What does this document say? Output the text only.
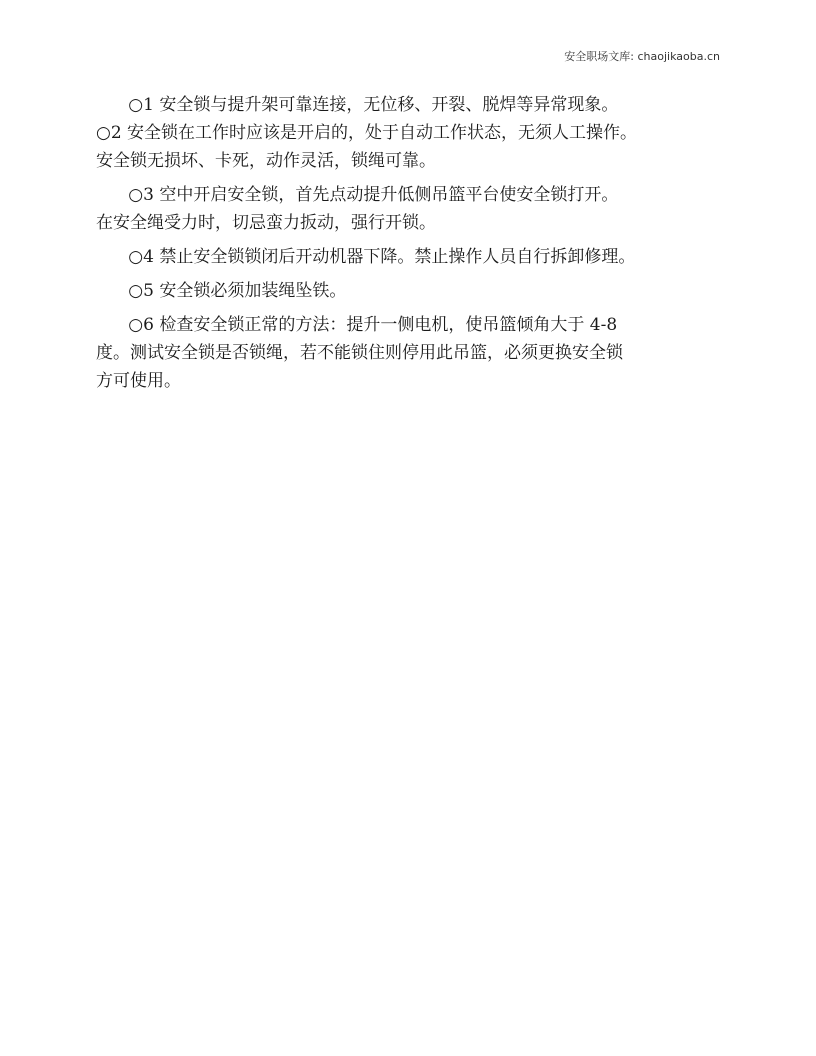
安全职场文库: chaojikaoba.cn
○1 安全锁与提升架可靠连接，无位移、开裂、脱焊等异常现象。
○2 安全锁在工作时应该是开启的，处于自动工作状态，无须人工操作。
安全锁无损坏、卡死，动作灵活，锁绳可靠。
○3 空中开启安全锁，首先点动提升低侧吊篮平台使安全锁打开。
在安全绳受力时，切忌蛮力扳动，强行开锁。
○4 禁止安全锁锁闭后开动机器下降。禁止操作人员自行拆卸修理。
○5 安全锁必须加装绳坠铁。
○6 检查安全锁正常的方法：提升一侧电机，使吊篮倾角大于 4-8
度。测试安全锁是否锁绳，若不能锁住则停用此吊篮，必须更换安全锁
方可使用。
